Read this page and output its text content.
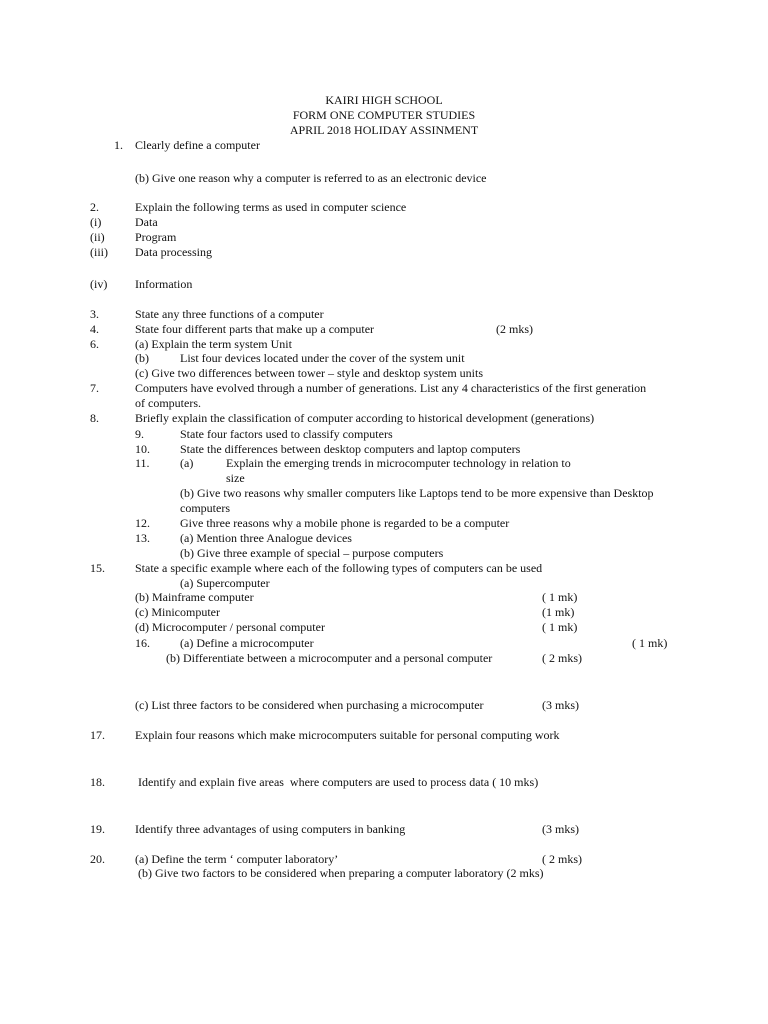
KAIRI HIGH SCHOOL
FORM ONE COMPUTER STUDIES
APRIL 2018 HOLIDAY ASSINMENT
1. Clearly define a computer
(b) Give one reason why a computer is referred to as an electronic device
2.	Explain the following terms as used in computer science
(i)	Data
(ii)	Program
(iii) Data processing
(iv) Information
3.	State any three functions of a computer
4.	State four different parts that make up a computer	(2 mks)
6.	(a) Explain the term system Unit
(b)	List four devices located under the cover of the system unit
(c) Give two differences between tower – style and desktop system units
7.	Computers have evolved through a number of generations. List any 4 characteristics of the first generation
of computers.
8.	Briefly explain the classification of computer according to historical development (generations)
9.	State four factors used to classify computers
10.	State the differences between desktop computers and laptop computers
11.	(a)	Explain the emerging trends in microcomputer technology in relation to
size
(b) Give two reasons why smaller computers like Laptops tend to be more expensive than Desktop
computers
12.	Give three reasons why a mobile phone is regarded to be a computer
13.	(a) Mention three Analogue devices
(b) Give three example of special – purpose computers
15.	State a specific example where each of the following types of computers can be used
(a) Supercomputer
(b) Mainframe computer	( 1 mk)
(c) Minicomputer	(1 mk)
(d) Microcomputer / personal computer	( 1 mk)
16.	(a) Define a microcomputer	( 1 mk)
(b) Differentiate between a microcomputer and a personal computer	( 2 mks)
(c) List three factors to be considered when purchasing a microcomputer	(3 mks)
17.	Explain four reasons which make microcomputers suitable for personal computing work
18.	Identify and explain five areas  where computers are used to process data ( 10 mks)
19.	Identify three advantages of using computers in banking	(3 mks)
20.	(a) Define the term ‘ computer laboratory’	( 2 mks)
(b) Give two factors to be considered when preparing a computer laboratory (2 mks)
